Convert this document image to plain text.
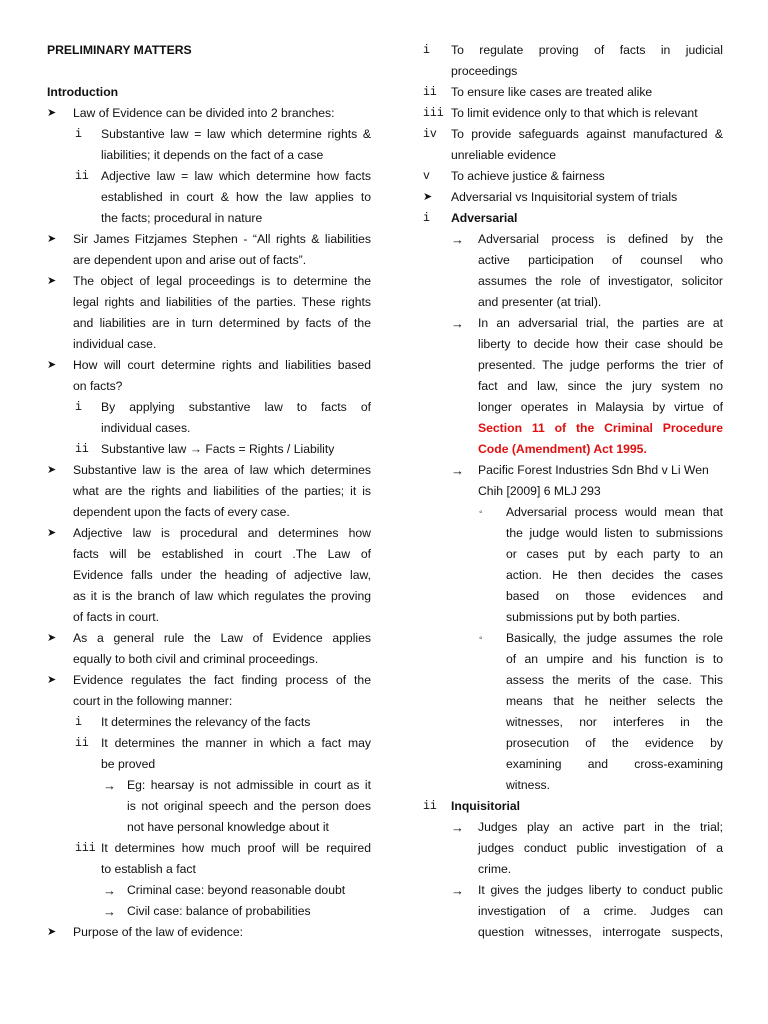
PRELIMINARY MATTERS
Introduction
➤ Law of Evidence can be divided into 2 branches:
i Substantive law = law which determine rights &
liabilities; it depends on the fact of a case
ii Adjective law = law which determine how facts
established in court & how the law applies to
the facts; procedural in nature
➤ Sir James Fitzjames Stephen - “All rights & liabilities
are dependent upon and arise out of facts”.
➤ The object of legal proceedings is to determine the
legal rights and liabilities of the parties. These rights
and liabilities are in turn determined by facts of the
individual case.
➤ How will court determine rights and liabilities based
on facts?
i By applying substantive law to facts of
individual cases.
ii Substantive law → Facts = Rights / Liability
➤ Substantive law is the area of law which determines
what are the rights and liabilities of the parties; it is
dependent upon the facts of every case.
➤ Adjective law is procedural and determines how
facts will be established in court .The Law of
Evidence falls under the heading of adjective law,
as it is the branch of law which regulates the proving
of facts in court.
➤ As a general rule the Law of Evidence applies
equally to both civil and criminal proceedings.
➤ Evidence regulates the fact finding process of the
court in the following manner:
i It determines the relevancy of the facts
ii It determines the manner in which a fact may
be proved
→ Eg: hearsay is not admissible in court as it
is not original speech and the person does
not have personal knowledge about it
iii It determines how much proof will be required
to establish a fact
→ Criminal case: beyond reasonable doubt
→ Civil case: balance of probabilities
➤ Purpose of the law of evidence:
i To regulate proving of facts in judicial
proceedings
ii To ensure like cases are treated alike
iii To limit evidence only to that which is relevant
iv To provide safeguards against manufactured &
unreliable evidence
v To achieve justice & fairness
➤ Adversarial vs Inquisitorial system of trials
i Adversarial
→ Adversarial process is defined by the
active participation of counsel who
assumes the role of investigator, solicitor
and presenter (at trial).
→ In an adversarial trial, the parties are at
liberty to decide how their case should be
presented. The judge performs the trier of
fact and law, since the jury system no
longer operates in Malaysia by virtue of
Section 11 of the Criminal Procedure
Code (Amendment) Act 1995.
→ Pacific Forest Industries Sdn Bhd v Li Wen
Chih [2009] 6 MLJ 293
◦ Adversarial process would mean that
the judge would listen to submissions
or cases put by each party to an
action. He then decides the cases
based on those evidences and
submissions put by both parties.
◦ Basically, the judge assumes the role
of an umpire and his function is to
assess the merits of the case. This
means that he neither selects the
witnesses, nor interferes in the
prosecution of the evidence by
examining and cross-examining
witness.
ii Inquisitorial
→ Judges play an active part in the trial;
judges conduct public investigation of a
crime.
→ It gives the judges liberty to conduct public
investigation of a crime. Judges can
question witnesses, interrogate suspects,
